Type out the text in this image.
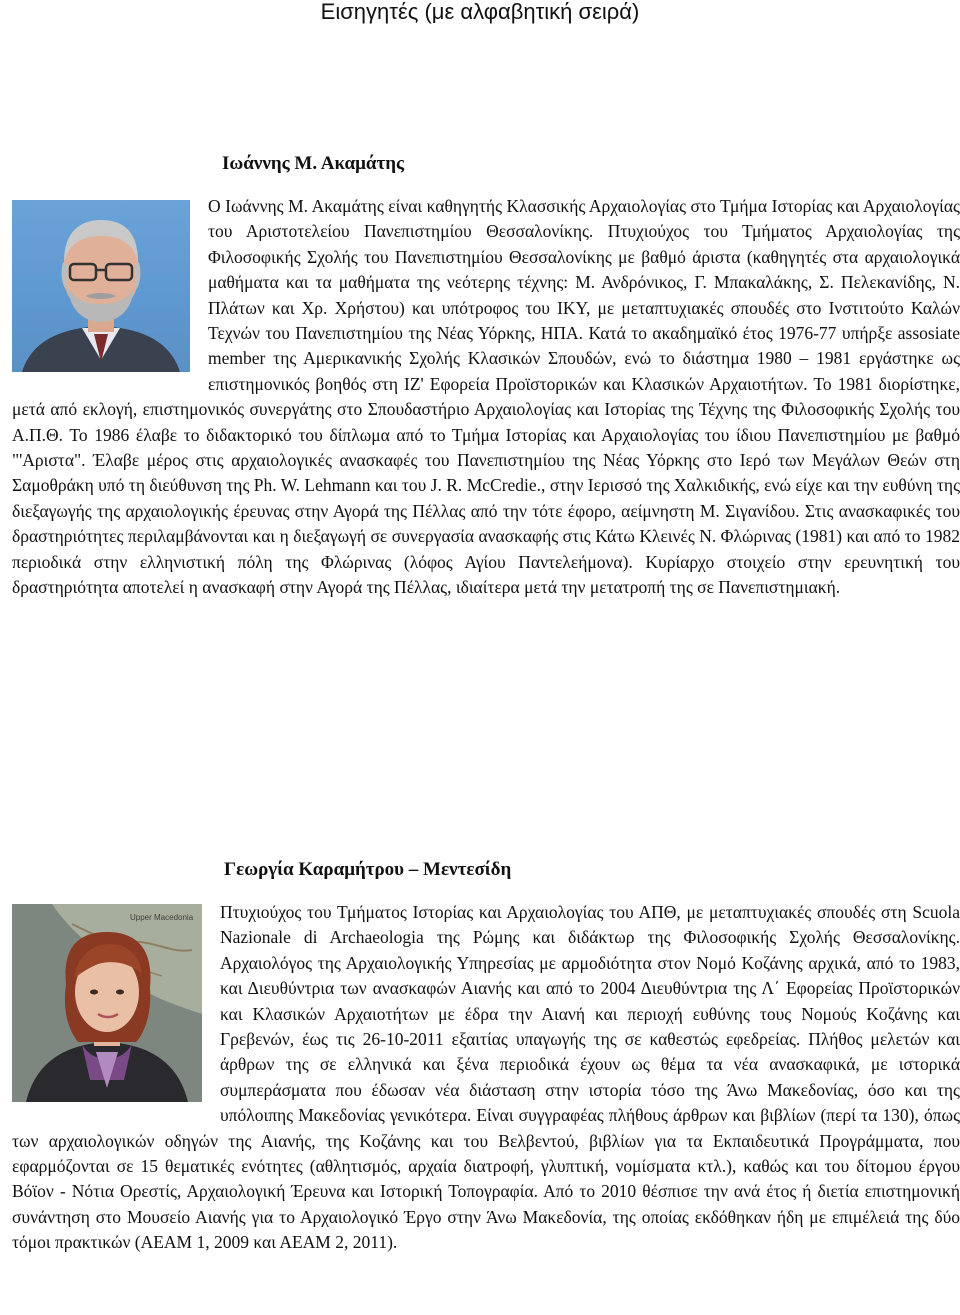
Εισηγητές (με αλφαβητική σειρά)
Ιωάννης Μ. Ακαμάτης

Ο Ιωάννης Μ. Ακαμάτης είναι καθηγητής Κλασσικής Αρχαιολογίας στο Τμήμα Ιστορίας και Αρχαιολογίας του Αριστοτελείου Πανεπιστημίου Θεσσαλονίκης. Πτυχιούχος του Τμήματος Αρχαιολογίας της Φιλοσοφικής Σχολής του Πανεπιστημίου Θεσσαλονίκης με βαθμό άριστα (καθηγητές στα αρχαιολογικά μαθήματα και τα μαθήματα της νεότερης τέχνης: Μ. Ανδρόνικος, Γ. Μπακαλάκης, Σ. Πελεκανίδης, Ν. Πλάτων και Χρ. Χρήστου) και υπότροφος του ΙΚΥ, με μεταπτυχιακές σπουδές στο Ινστιτούτο Καλών Τεχνών του Πανεπιστημίου της Νέας Υόρκης, ΗΠΑ. Κατά το ακαδημαϊκό έτος 1976-77 υπήρξε assosiate member της Αμερικανικής Σχολής Κλασικών Σπουδών, ενώ το διάστημα 1980 – 1981 εργάστηκε ως επιστημονικός βοηθός στη ΙΖ' Εφορεία Προϊστορικών και Κλασικών Αρχαιοτήτων. Το 1981 διορίστηκε, μετά από εκλογή, επιστημονικός συνεργάτης στο Σπουδαστήριο Αρχαιολογίας και Ιστορίας της Τέχνης της Φιλοσοφικής Σχολής του Α.Π.Θ. Το 1986 έλαβε το διδακτορικό του δίπλωμα από το Τμήμα Ιστορίας και Αρχαιολογίας του ίδιου Πανεπιστημίου με βαθμό "'Αριστα". Έλαβε μέρος στις αρχαιολογικές ανασκαφές του Πανεπιστημίου της Νέας Υόρκης στο Ιερό των Μεγάλων Θεών στη Σαμοθράκη υπό τη διεύθυνση της Ph. W. Lehmann και του J. R. McCredie., στην Ιερισσό της Χαλκιδικής, ενώ είχε και την ευθύνη της διεξαγωγής της αρχαιολογικής έρευνας στην Αγορά της Πέλλας από την τότε έφορο, αείμνηστη Μ. Σιγανίδου. Στις ανασκαφικές του δραστηριότητες περιλαμβάνονται και η διεξαγωγή σε συνεργασία ανασκαφής στις Κάτω Κλεινές Ν. Φλώρινας (1981) και από το 1982 περιοδικά στην ελληνιστική πόλη της Φλώρινας (λόφος Αγίου Παντελεήμονα). Κυρίαρχο στοιχείο στην ερευνητική του δραστηριότητα αποτελεί η ανασκαφή στην Αγορά της Πέλλας, ιδιαίτερα μετά την μετατροπή της σε Πανεπιστημιακή.

Γεωργία Καραμήτρου – Μεντεσίδη
Upper Macedonia	Πτυχιούχος του Τμήματος Ιστορίας και Αρχαιολογίας του ΑΠΘ, με μεταπτυχιακές σπουδές στη Scuola Nazionale di Archaeologia της Ρώμης και διδάκτωρ της Φιλοσοφικής Σχολής Θεσσαλονίκης. Αρχαιολόγος της Αρχαιολογικής Υπηρεσίας με αρμοδιότητα στον Νομό Κοζάνης αρχικά, από το 1983, και Διευθύντρια των ανασκαφών Αιανής και από το 2004 Διευθύντρια της Λ΄ Εφορείας Προϊστορικών και Κλασικών Αρχαιοτήτων με έδρα την Αιανή και περιοχή ευθύνης τους Νομούς Κοζάνης και Γρεβενών, έως τις 26-10-2011 εξαιτίας υπαγωγής της σε καθεστώς εφεδρείας. Πλήθος μελετών και άρθρων της σε ελληνικά και ξένα περιοδικά έχουν ως θέμα τα νέα ανασκαφικά, με ιστορικά συμπεράσματα που έδωσαν νέα διάσταση στην ιστορία τόσο της Άνω Μακεδονίας, όσο και της υπόλοιπης Μακεδονίας γενικότερα. Είναι συγγραφέας πλήθους άρθρων και βιβλίων (περί τα 130), όπως των αρχαιολογικών οδηγών της Αιανής, της Κοζάνης και του Βελβεντού, βιβλίων για τα Εκπαιδευτικά Προγράμματα, που εφαρμόζονται σε 15 θεματικές ενότητες (αθλητισμός, αρχαία διατροφή, γλυπτική, νομίσματα κτλ.), καθώς και του δίτομου έργου Βόϊον - Νότια Ορεστίς, Αρχαιολογική Έρευνα και Ιστορική Τοπογραφία. Από το 2010 θέσπισε την ανά έτος ή διετία επιστημονική συνάντηση στο Μουσείο Αιανής για το Αρχαιολογικό Έργο στην Άνω Μακεδονία, της οποίας εκδόθηκαν ήδη με επιμέλειά της δύο τόμοι πρακτικών (ΑΕΑΜ 1, 2009 και ΑΕΑΜ 2, 2011).
